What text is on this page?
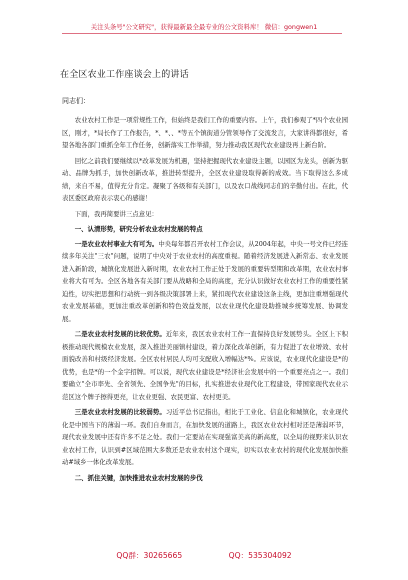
关注头条号"公文研究"，获得最新最全最专业的公文资料库！ 微信：gongwen1
在全区农业工作座谈会上的讲话
同志们：

农业农村工作是一项常规性工作，但始终是我们工作的重要内容。上午，我们参观了*四个农业园区，刚才，*局长作了工作报告，*、*、、*等五个镇街道分管领导作了交流发言，大家讲得都很好，希望各地各部门重抓全年工作任务，创新落实工作举措，努力推动我区现代农业建设再上新台阶。

回忆之前我们要继续以*改革发展为机遇，坚持把握现代农业建设主题，以园区为龙头，创新为驱动、品牌为抓手，加快创新改革，推进转型提升，全区农业建设取得新的成效。当下取得这么多成绩，来自不易，值得充分肯定。凝聚了各级和有关部门，以及农口战线同志们的辛勤付出。在此，代表区委区政府表示衷心的感谢！

下面，我再简要讲三点意见：

一、认清形势，研究分析农业农村发展的特点

一是农业农村事业大有可为。中央每年都召开农村工作会议，从2004年起，中央一号文件已经连续多年关注"三农"问题，说明了中央对于农业农村的高度重视。随着经济发展进入新常态、农业发展进入新阶段，城镇化发展进入新时期，农业农村工作正处于发展的重要转型期和改革期，农业农村事业将大有可为。全区各地各有关部门要从战略和全局的高度，充分认识做好农业农村工作的重要性紧迫性，切实把思想和行动统一到各级决策部署上来，紧扣现代农业建设这条主线，更加注重增强现代农业发展基础，更加注重改革创新和特色效益发展，以农业现代化建设助推城乡统筹发展、协调发展。

二是农业农村发展的比较优势。近年来，我区农业农村工作一直保持良好发展势头。全区上下积极推动现代规模农业发展，深入推进美丽镇村建设，着力深化改革创新，有力促进了农业增效、农村面貌改善和村级经济发展。全区农村居民人均可支配收入增幅达*%。应该说，农业现代化建设是*的优势，也是*的一个金字招牌。可以说，现代农业建设是*经济社会发展中的一个重要亮点之一。我们要确立"全市率先、全省领先、全国争先"的目标，扎实推进农业现代化工程建设，带国家现代农业示范区这个牌子擦得更亮，让农业更强、农民更富、农村更美。

三是农业农村发展的比较弱势。习近平总书记指出，相比于工业化、信息化和城镇化，农业现代化是中国当下的薄弱一环。我们自身而言，在加快发展的道路上，我区农业农村相对还是薄弱环节，现代农业发展中还有许多不足之处。我们一定要站在实现强富美高的新高度，以全局的视野来认识农业农村工作，认识到#区域范围大多数还是农业农村这个现实，切实以农业农村的现代化发展加快推动#域乡一体化改革发展。

二、抓住关键，加快推进农业农村发展的步伐

QQ群：30265665	QQ：535304092
